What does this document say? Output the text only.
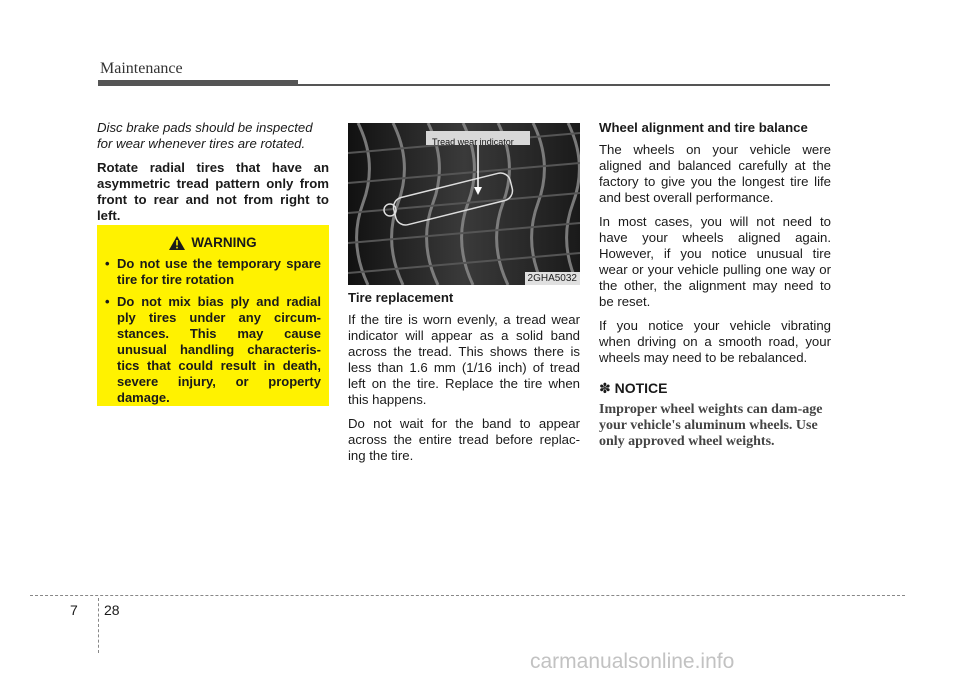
Maintenance

Disc brake pads should be inspected for wear whenever tires are rotated.

Rotate radial tires that have an asymmetric tread pattern only from front to rear and not from right to left.

WARNING
• Do not use the temporary spare tire for tire rotation
• Do not mix bias ply and radial ply tires under any circum-stances. This may cause unusual handling characteris-tics that could result in death, severe injury, or property damage.
Tread wear indicator
2GHA5032
Tire replacement

If the tire is worn evenly, a tread wear indicator will appear as a solid band across the tread. This shows there is less than 1.6 mm (1/16 inch) of tread left on the tire. Replace the tire when this happens.

Do not wait for the band to appear across the entire tread before replac-ing the tire.

Wheel alignment and tire balance

The wheels on your vehicle were aligned and balanced carefully at the factory to give you the longest tire life and best overall performance.

In most cases, you will not need to have your wheels aligned again. However, if you notice unusual tire wear or your vehicle pulling one way or the other, the alignment may need to be reset.

If you notice your vehicle vibrating when driving on a smooth road, your wheels may need to be rebalanced.

✽ NOTICE
Improper wheel weights can dam-age your vehicle's aluminum wheels. Use only approved wheel weights.
7 28
carmanualsonline.info
